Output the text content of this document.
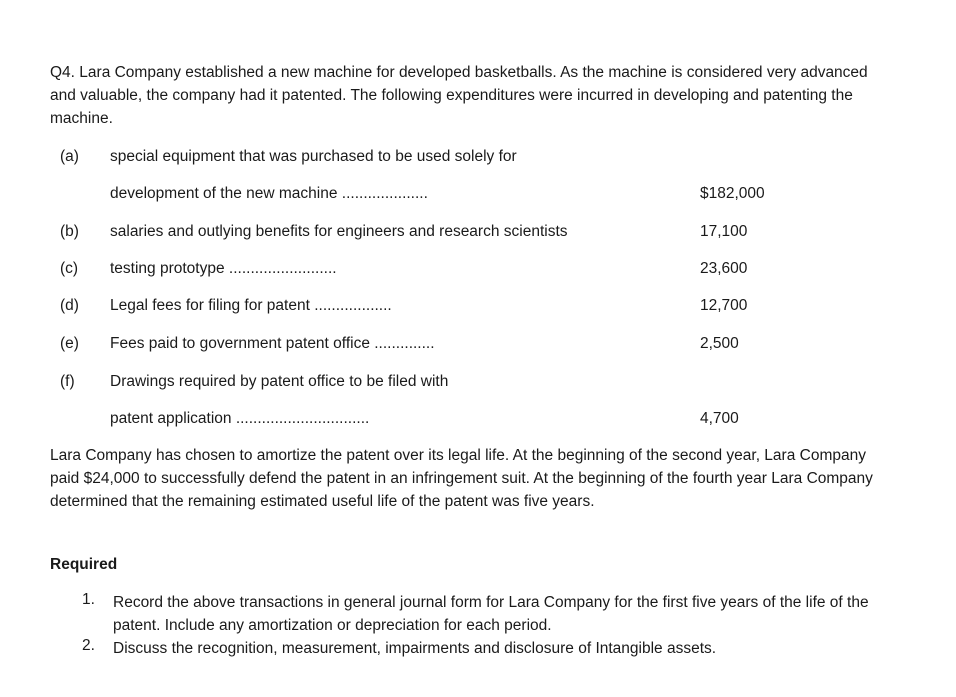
Q4. Lara Company established a new machine for developed basketballs. As the machine is considered very advanced and valuable, the company had it patented. The following expenditures were incurred in developing and patenting the machine.

(a) special equipment that was purchased to be used solely for
development of the new machine ....................	$182,000
(b) salaries and outlying benefits for engineers and research scientists	17,100
(c) testing prototype .........................	23,600
(d) Legal fees for filing for patent ..................	12,700
(e) Fees paid to government patent office ..............	2,500
(f) Drawings required by patent office to be filed with
patent application ...............................	4,700

Lara Company has chosen to amortize the patent over its legal life. At the beginning of the second year, Lara Company paid $24,000 to successfully defend the patent in an infringement suit. At the beginning of the fourth year Lara Company determined that the remaining estimated useful life of the patent was five years.

Required
1. Record the above transactions in general journal form for Lara Company for the first five years of the life of the patent. Include any amortization or depreciation for each period.
2. Discuss the recognition, measurement, impairments and disclosure of Intangible assets.
